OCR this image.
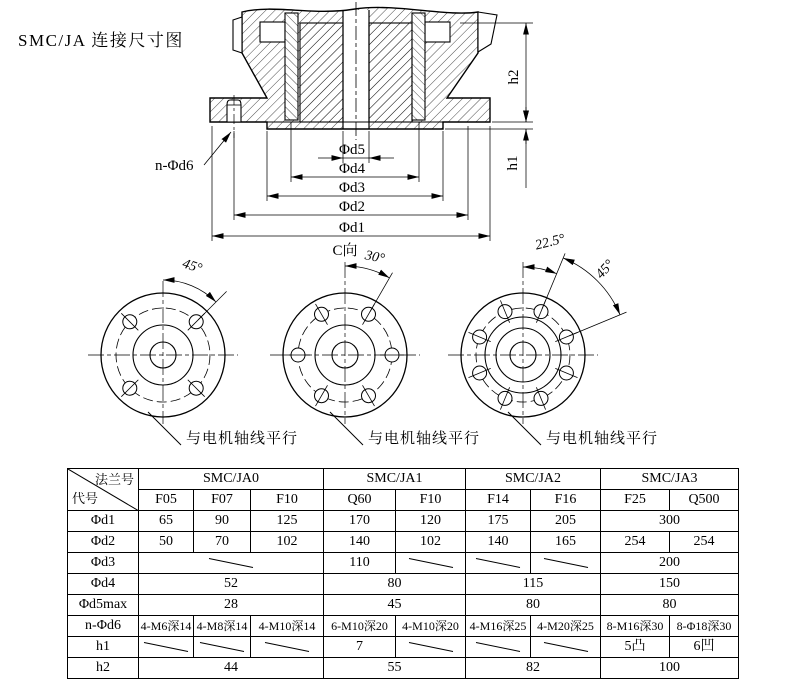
SMC/JA 连接尺寸图
Φd5
Φd4
Φd3
Φd2
Φd1
h2
h1
n-Φd6
45°
与电机轴线平行
C向 30°
与电机轴线平行
22.5°
45°
与电机轴线平行
法兰号
代号	SMC/JA0			SMC/JA1		SMC/JA2		SMC/JA3	
	F05	F07	F10	Q60	F10	F14	F16	F25	Q500
Φd1	65	90	125	170	120	175	205	300	
Φd2	50	70	102	140	102	140	165	254	254
Φd3				110				200	
Φd4	52			80		115		150	
Φd5max	28			45		80		80	
n-Φd6	4-M6深14	4-M8深14	4-M10深14	6-M10深20	4-M10深20	4-M16深25	4-M20深25	8-M16深30	8-Φ18深30
h1				7				5凸	6凹
h2	44			55		82		100	
